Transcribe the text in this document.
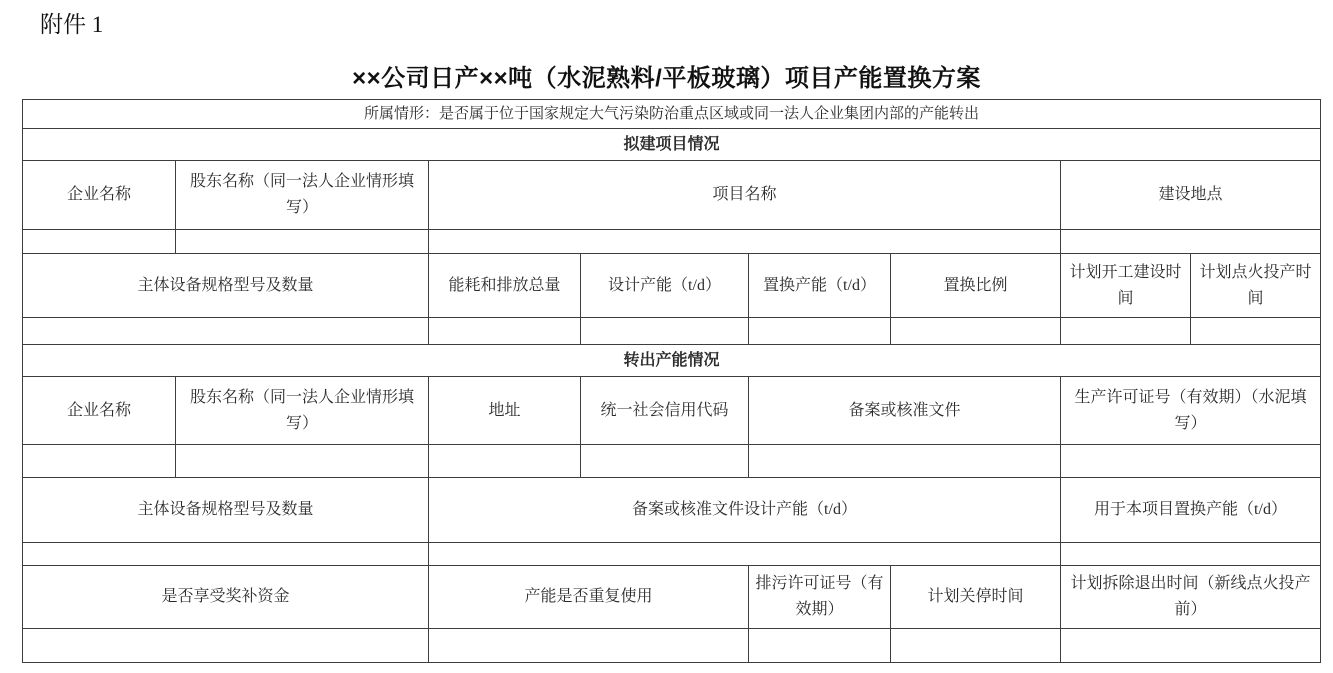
附件 1
××公司日产××吨（水泥熟料/平板玻璃）项目产能置换方案
所属情形：是否属于位于国家规定大气污染防治重点区域或同一法人企业集团内部的产能转出							
拟建项目情况							
企业名称	股东名称（同一法人企业情形填写）	项目名称				建设地点	

主体设备规格型号及数量		能耗和排放总量	设计产能（t/d）	置换产能（t/d）	置换比例	计划开工建设时间	计划点火投产时间

转出产能情况							
企业名称	股东名称（同一法人企业情形填写）	地址	统一社会信用代码	备案或核准文件		生产许可证号（有效期）（水泥填写）	

主体设备规格型号及数量		备案或核准文件设计产能（t/d）				用于本项目置换产能（t/d）	

是否享受奖补资金		产能是否重复使用		排污许可证号（有效期）	计划关停时间	计划拆除退出时间（新线点火投产前）	
